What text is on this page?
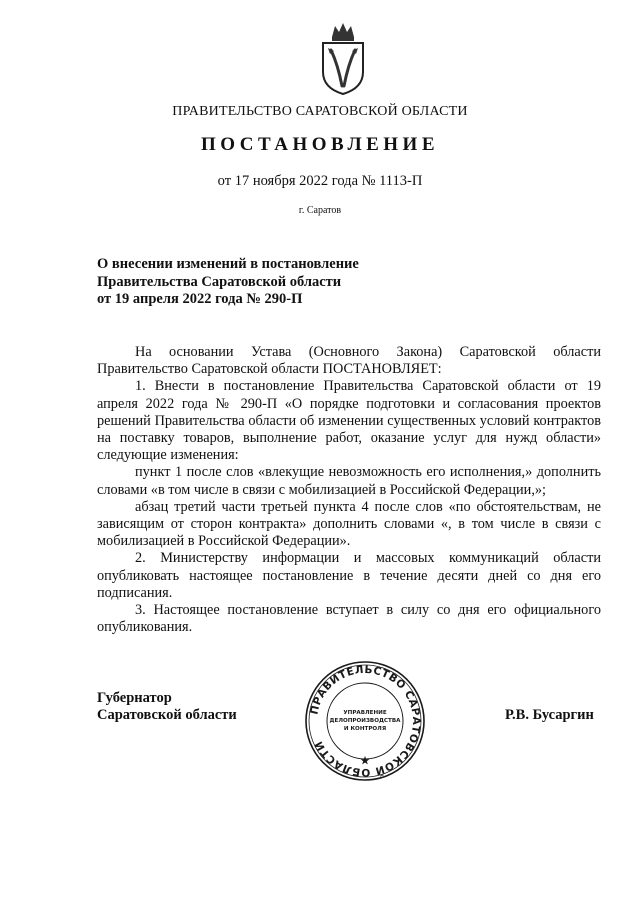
ПРАВИТЕЛЬСТВО САРАТОВСКОЙ ОБЛАСТИ
ПОСТАНОВЛЕНИЕ
от 17 ноября 2022 года № 1113-П
г. Саратов
О внесении изменений в постановление
Правительства Саратовской области
от 19 апреля 2022 года № 290-П

На основании Устава (Основного Закона) Саратовской области Правительство Саратовской области ПОСТАНОВЛЯЕТ:

1. Внести в постановление Правительства Саратовской области от 19 апреля 2022 года № 290-П «О порядке подготовки и согласования проектов решений Правительства области об изменении существенных условий контрактов на поставку товаров, выполнение работ, оказание услуг для нужд области» следующие изменения:

пункт 1 после слов «влекущие невозможность его исполнения,» дополнить словами «в том числе в связи с мобилизацией в Российской Федерации,»;

абзац третий части третьей пункта 4 после слов «по обстоятельствам, не зависящим от сторон контракта» дополнить словами «, в том числе в связи с мобилизацией в Российской Федерации».

2. Министерству информации и массовых коммуникаций области опубликовать настоящее постановление в течение десяти дней со дня его подписания.

3. Настоящее постановление вступает в силу со дня его официального опубликования.

Губернатор
Саратовской области	Р.В. Бусаргин
ПРАВИТЕЛЬСТВО САРАТОВСКОЙ ОБЛАСТИ
УПРАВЛЕНИЕ
ДЕЛОПРОИЗВОДСТВА
И КОНТРОЛЯ
